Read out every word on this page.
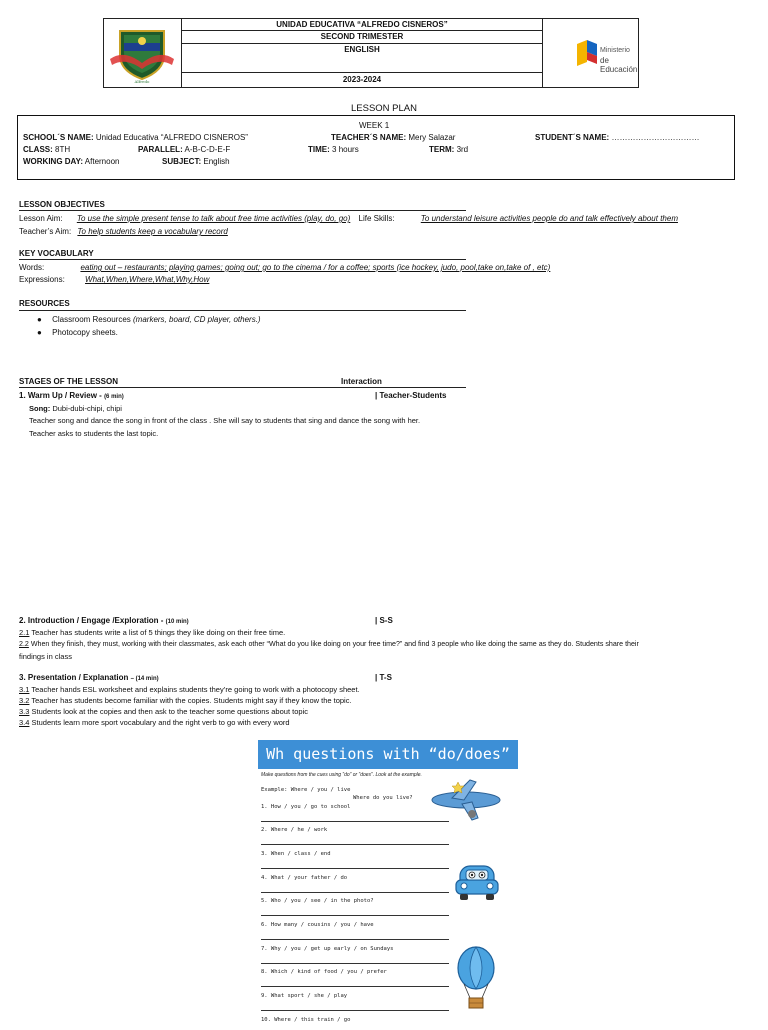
Alfredo
UNIDAD EDUCATIVA “ALFREDO CISNEROS”
SECOND TRIMESTER
ENGLISH
2023-2024
Ministerio
de Educación
LESSON PLAN
WEEK 1
SCHOOL´S NAME: Unidad Educativa “ALFREDO CISNEROS”	TEACHER´S NAME: Mery Salazar	STUDENT´S NAME: ……………………………
CLASS: 8TH	PARALLEL: A-B-C-D-E-F	TIME: 3 hours	TERM: 3rd
WORKING DAY: Afternoon	SUBJECT: English
LESSON OBJECTIVES
Lesson Aim: To use the simple present tense to talk about free time activities (play, do, go) Life Skills:	To understand leisure activities people do and talk effectively about them
Teacher’s Aim: To help students keep a vocabulary record
KEY VOCABULARY
Words:	eating out – restaurants; playing games; going out; go to the cinema / for a coffee; sports (ice hockey, judo, pool,take on,take of , etc)
Expressions:	What,When,Where,What,Why,How
RESOURCES
● Classroom Resources (markers, board, CD player, others.)
● Photocopy sheets.
STAGES OF THE LESSON	Interaction
1. Warm Up / Review - (6 min)	| Teacher-Students
Song: Dubi-dubi-chipi, chipi
Teacher song and dance the song in front of the class . She will say to students that sing and dance the song with her.
Teacher asks to students the last topic.
2. Introduction / Engage /Exploration - (10 min)	| S-S
2.1 Teacher has students write a list of 5 things they like doing on their free time.
2.2 When they finish, they must, working with their classmates, ask each other “What do you like doing on your free time?” and find 3 people who like doing the same as they do. Students share their
findings in class
3. Presentation / Explanation – (14 min)	| T-S
3.1 Teacher hands ESL worksheet and explains students they’re going to work with a photocopy sheet.
3.2 Teacher has students become familiar with the copies. Students might say if they know the topic.
3.3 Students look at the copies and then ask to the teacher some questions about topic
3.4 Students learn more sport vocabulary and the right verb to go with every word
Wh questions with “do/does”
Make questions from the cues using “do” or “does”. Look at the example.
Example: Where / you / live
Where do you live?
1. How / you / go to school
2. Where / he / work
3. When / class / end
4. What / your father / do
5. Who / you / see / in the photo?
6. How many / cousins / you / have
7. Why / you / get up early / on Sundays
8. Which / kind of food / you / prefer
9. What sport / she / play
10. Where / this train / go
